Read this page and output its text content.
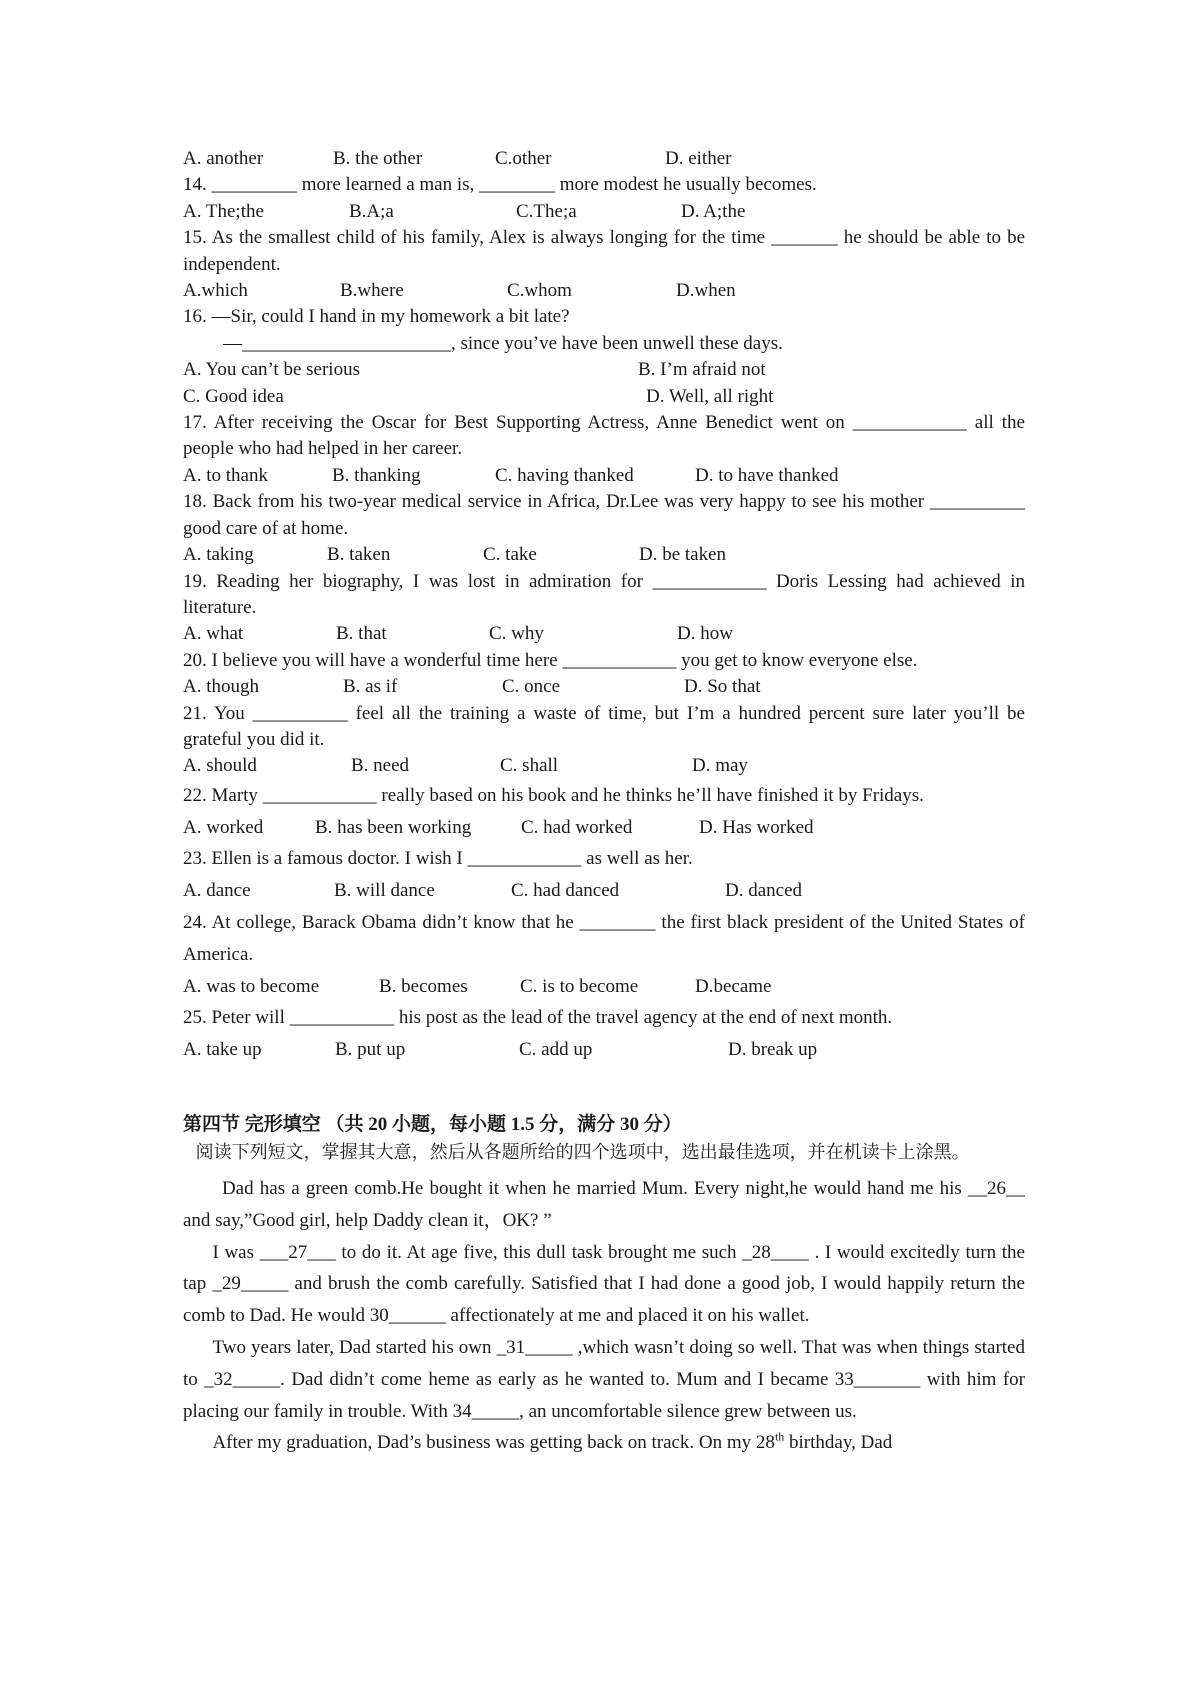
A. another	B. the other	C.other	D. either
14. _________ more learned a man is, ________ more modest he usually becomes.
A. The;the	B.A;a	C.The;a	D. A;the
15. As the smallest child of his family, Alex is always longing for the time _______ he should be able to be independent.
A.which	B.where	C.whom	D.when
16. —Sir, could I hand in my homework a bit late?
—______________________, since you’ve have been unwell these days.
A. You can’t be serious	B. I’m afraid not
C. Good idea	D. Well, all right
17. After receiving the Oscar for Best Supporting Actress, Anne Benedict went on ____________ all the people who had helped in her career.
A. to thank	B. thanking	C. having thanked	D. to have thanked
18. Back from his two-year medical service in Africa, Dr.Lee was very happy to see his mother __________ good care of at home.
A. taking	B. taken	C. take	D. be taken
19. Reading her biography, I was lost in admiration for ____________ Doris Lessing had achieved in literature.
A. what	B. that	C. why	D. how
20. I believe you will have a wonderful time here ____________ you get to know everyone else.
A. though	B. as if	C. once	D. So that
21. You __________ feel all the training a waste of time, but I’m a hundred percent sure later you’ll be grateful you did it.
A. should	B. need	C. shall	D. may
22. Marty ____________ really based on his book and he thinks he’ll have finished it by Fridays.
A. worked	B. has been working	C. had worked	D. Has worked
23. Ellen is a famous doctor. I wish I ____________ as well as her.
A. dance	B. will dance	C. had danced	D. danced
24. At college, Barack Obama didn’t know that he ________ the first black president of the United States of America.
A. was to become	B. becomes	C. is to become	D.became
25. Peter will ___________ his post as the lead of the travel agency at the end of next month.
A. take up	B. put up	C. add up	D. break up
第四节 完形填空 （共 20 小题，每小题 1.5 分，满分 30 分）
阅读下列短文，掌握其大意，然后从各题所给的四个选项中，选出最佳选项，并在机读卡上涂黑。
Dad has a green comb.He bought it when he married Mum. Every night,he would hand me his __26__ and say,”Good girl, help Daddy clean it，OK? ”
I was ___27___ to do it. At age five, this dull task brought me such _28____ . I would excitedly turn the tap _29_____ and brush the comb carefully. Satisfied that I had done a good job, I would happily return the comb to Dad. He would 30______ affectionately at me and placed it on his wallet.
Two years later, Dad started his own _31_____ ,which wasn’t doing so well. That was when things started to _32_____. Dad didn’t come heme as early as he wanted to. Mum and I became 33_______ with him for placing our family in trouble. With 34_____, an uncomfortable silence grew between us.
After my graduation, Dad’s business was getting back on track. On my 28th birthday, Dad
